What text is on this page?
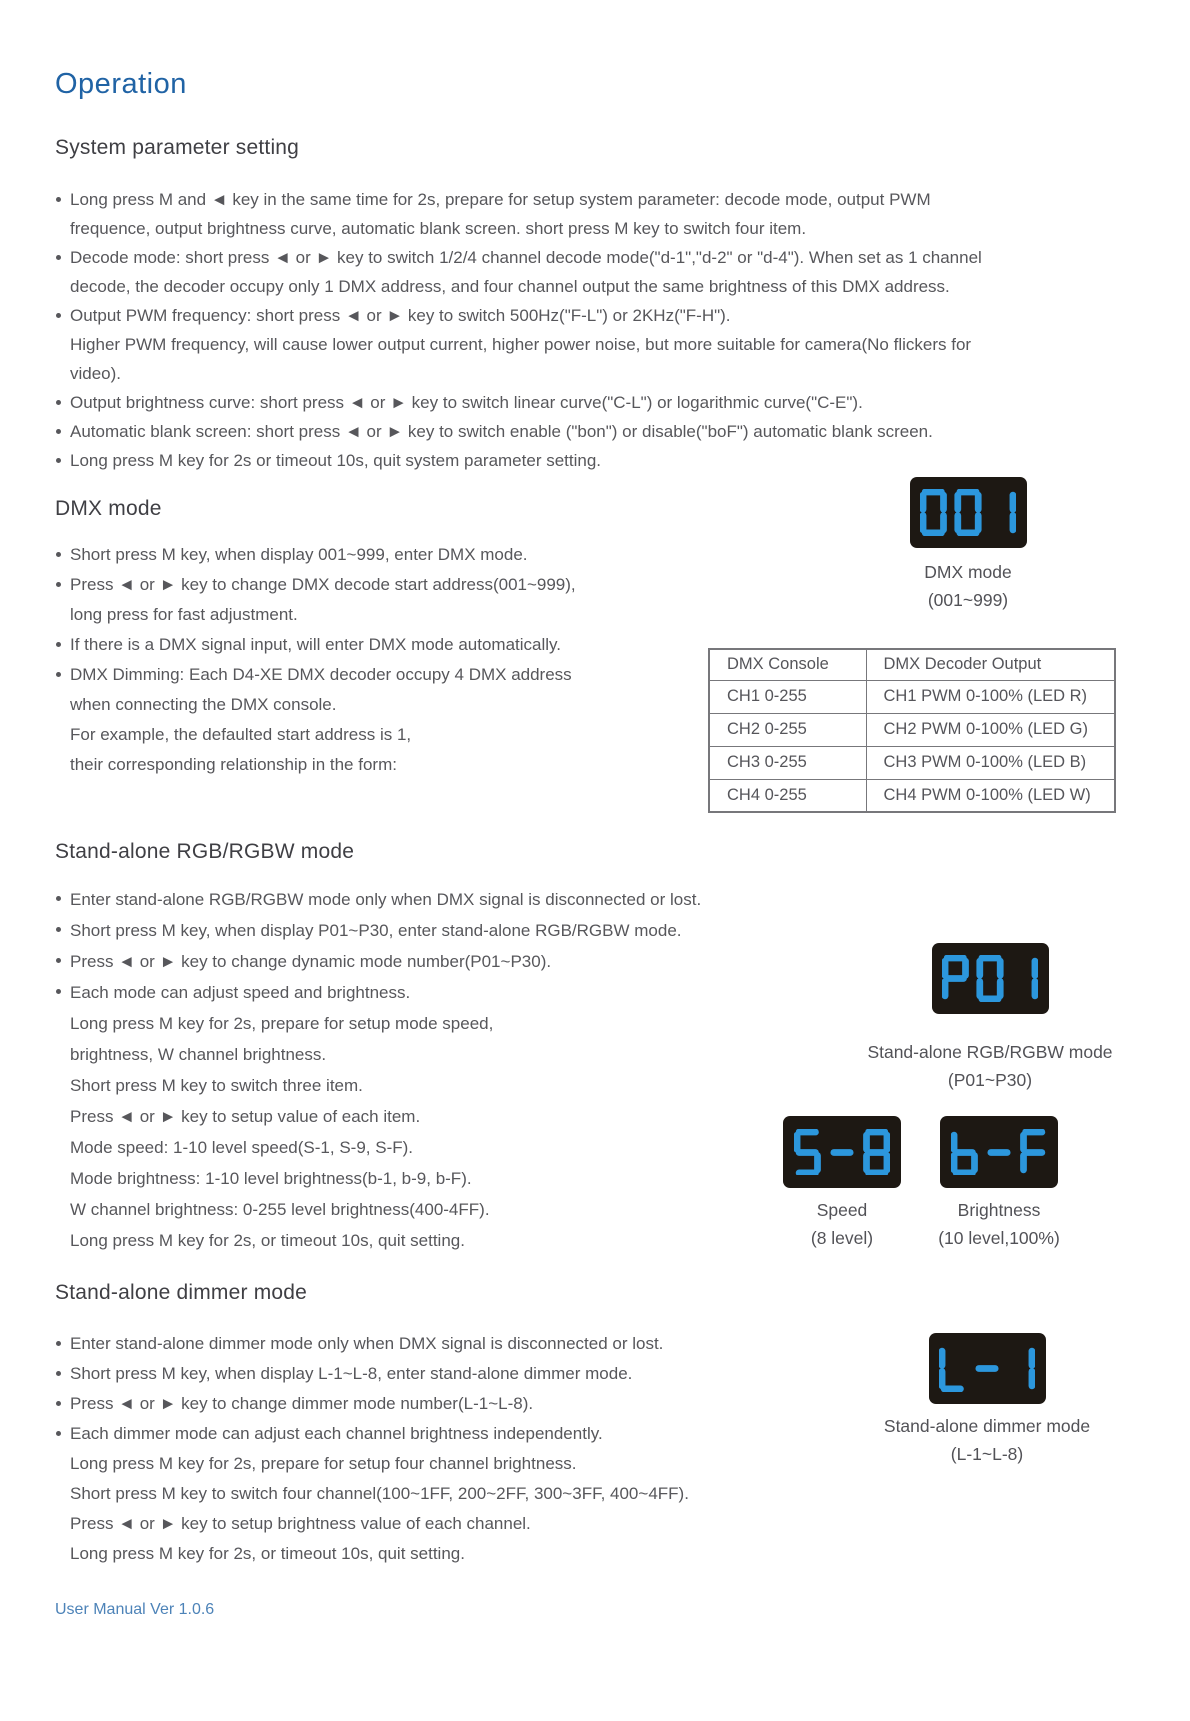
Operation
System parameter setting
Long press M and ◄ key in the same time for 2s, prepare for setup system parameter: decode mode, output PWM frequence, output brightness curve, automatic blank screen. short press M key to switch four item.
Decode mode: short press ◄ or ► key to switch 1/2/4 channel decode mode("d-1","d-2" or "d-4"). When set as 1 channel decode, the decoder occupy only 1 DMX address, and four channel output the same brightness of this DMX address.
Output PWM frequency: short press ◄ or ► key to switch 500Hz("F-L") or 2KHz("F-H").
Higher PWM frequency, will cause lower output current, higher power noise, but more suitable for camera(No flickers for video).
Output brightness curve: short press ◄ or ► key to switch linear curve("C-L") or logarithmic curve("C-E").
Automatic blank screen: short press ◄ or ► key to switch enable ("bon") or disable("boF") automatic blank screen.
Long press M key for 2s or timeout 10s, quit system parameter setting.
DMX mode
Short press M key, when display 001~999, enter DMX mode.
Press ◄ or ► key to change DMX decode start address(001~999),
long press for fast adjustment.
If there is a DMX signal input, will enter DMX mode automatically.
DMX Dimming: Each D4-XE DMX decoder occupy 4 DMX address
when connecting the DMX console.
For example, the defaulted start address is 1,
their corresponding relationship in the form:
DMX mode
(001~999)
DMX Console	DMX Decoder Output
CH1 0-255	CH1 PWM 0-100% (LED R)
CH2 0-255	CH2 PWM 0-100% (LED G)
CH3 0-255	CH3 PWM 0-100% (LED B)
CH4 0-255	CH4 PWM 0-100% (LED W)
Stand-alone RGB/RGBW mode
Enter stand-alone RGB/RGBW mode only when DMX signal is disconnected or lost.
Short press M key, when display P01~P30, enter stand-alone RGB/RGBW mode.
Press ◄ or ► key to change dynamic mode number(P01~P30).
Each mode can adjust speed and brightness.
Long press M key for 2s, prepare for setup mode speed,
brightness, W channel brightness.
Short press M key to switch three item.
Press ◄ or ► key to setup value of each item.
Mode speed: 1-10 level speed(S-1, S-9, S-F).
Mode brightness: 1-10 level brightness(b-1, b-9, b-F).
W channel brightness: 0-255 level brightness(400-4FF).
Long press M key for 2s, or timeout 10s, quit setting.
Stand-alone RGB/RGBW mode
(P01~P30)
Speed
(8 level)
Brightness
(10 level,100%)
Stand-alone dimmer mode
Enter stand-alone dimmer mode only when DMX signal is disconnected or lost.
Short press M key, when display L-1~L-8, enter stand-alone dimmer mode.
Press ◄ or ► key to change dimmer mode number(L-1~L-8).
Each dimmer mode can adjust each channel brightness independently.
Long press M key for 2s, prepare for setup four channel brightness.
Short press M key to switch four channel(100~1FF, 200~2FF, 300~3FF, 400~4FF).
Press ◄ or ► key to setup brightness value of each channel.
Long press M key for 2s, or timeout 10s, quit setting.
Stand-alone dimmer mode
(L-1~L-8)
User Manual Ver 1.0.6
